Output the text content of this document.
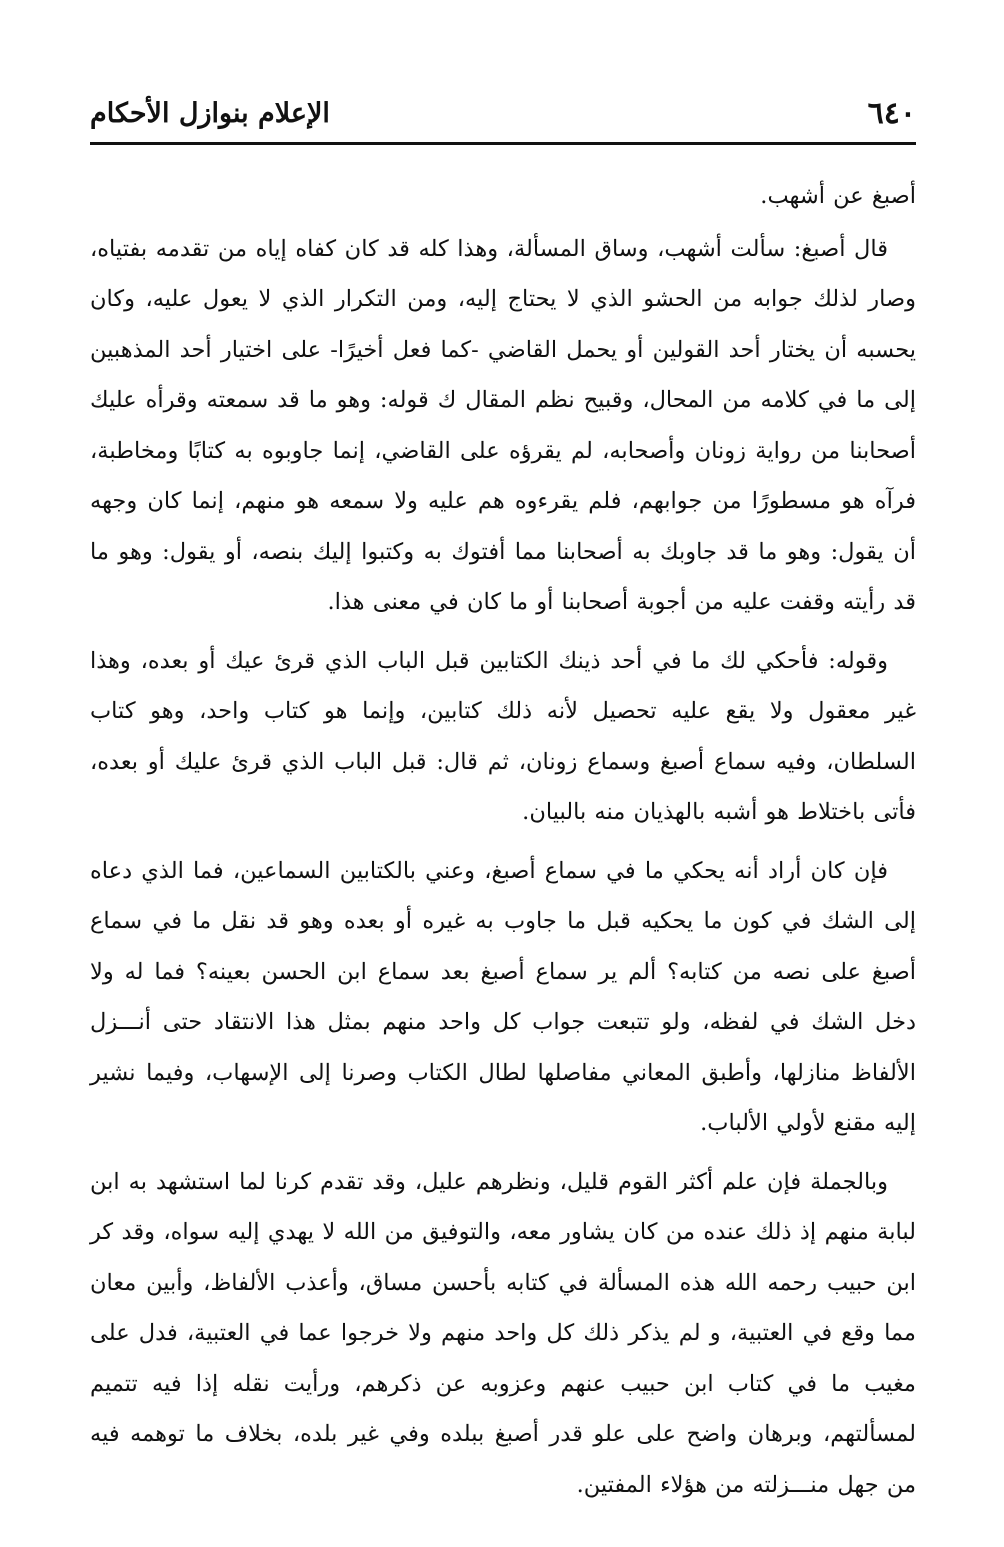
٦٤٠
الإعلام بنوازل الأحكام

أصبغ عن أشهب.

قال أصبغ: سألت أشهب، وساق المسألة، وهذا كله قد كان كفاه إياه من تقدمه بفتياه، وصار لذلك جوابه من الحشو الذي لا يحتاج إليه، ومن التكرار الذي لا يعول عليه، وكان يحسبه أن يختار أحد القولين أو يحمل القاضي -كما فعل أخيرًا- على اختيار أحد المذهبين إلى ما في كلامه من المحال، وقبيح نظم المقال ك قوله: وهو ما قد سمعته وقرأه عليك أصحابنا من رواية زونان وأصحابه، لم يقرؤه على القاضي، إنما جاوبوه به كتابًا ومخاطبة، فرآه هو مسطورًا من جوابهم، فلم يقرءوه هم عليه ولا سمعه هو منهم، إنما كان وجهه أن يقول: وهو ما قد جاوبك به أصحابنا مما أفتوك به وكتبوا إليك بنصه، أو يقول: وهو ما قد رأيته وقفت عليه من أجوبة أصحابنا أو ما كان في معنى هذا.

وقوله: فأحكي لك ما في أحد ذينك الكتابين قبل الباب الذي قرئ عيك أو بعده، وهذا غير معقول ولا يقع عليه تحصيل لأنه ذلك كتابين، وإنما هو كتاب واحد، وهو كتاب السلطان، وفيه سماع أصبغ وسماع زونان، ثم قال: قبل الباب الذي قرئ عليك أو بعده، فأتى باختلاط هو أشبه بالهذيان منه بالبيان.

فإن كان أراد أنه يحكي ما في سماع أصبغ، وعني بالكتابين السماعين، فما الذي دعاه إلى الشك في كون ما يحكيه قبل ما جاوب به غيره أو بعده وهو قد نقل ما في سماع أصبغ على نصه من كتابه؟ ألم ير سماع أصبغ بعد سماع ابن الحسن بعينه؟ فما له ولا دخل الشك في لفظه، ولو تتبعت جواب كل واحد منهم بمثل هذا الانتقاد حتى أنـــزل الألفاظ منازلها، وأطبق المعاني مفاصلها لطال الكتاب وصرنا إلى الإسهاب، وفيما نشير إليه مقنع لأولي الألباب.

وبالجملة فإن علم أكثر القوم قليل، ونظرهم عليل، وقد تقدم كرنا لما استشهد به ابن لبابة منهم إذ ذلك عنده من كان يشاور معه، والتوفيق من الله لا يهدي إليه سواه، وقد كر ابن حبيب رحمه الله هذه المسألة في كتابه بأحسن مساق، وأعذب الألفاظ، وأبين معان مما وقع في العتبية، و لم يذكر ذلك كل واحد منهم ولا خرجوا عما في العتبية، فدل على مغيب ما في كتاب ابن حبيب عنهم وعزوبه عن ذكرهم، ورأيت نقله إذا فيه تتميم لمسألتهم، وبرهان واضح على علو قدر أصبغ ببلده وفي غير بلده، بخلاف ما توهمه فيه من جهل منـــزلته من هؤلاء المفتين.
